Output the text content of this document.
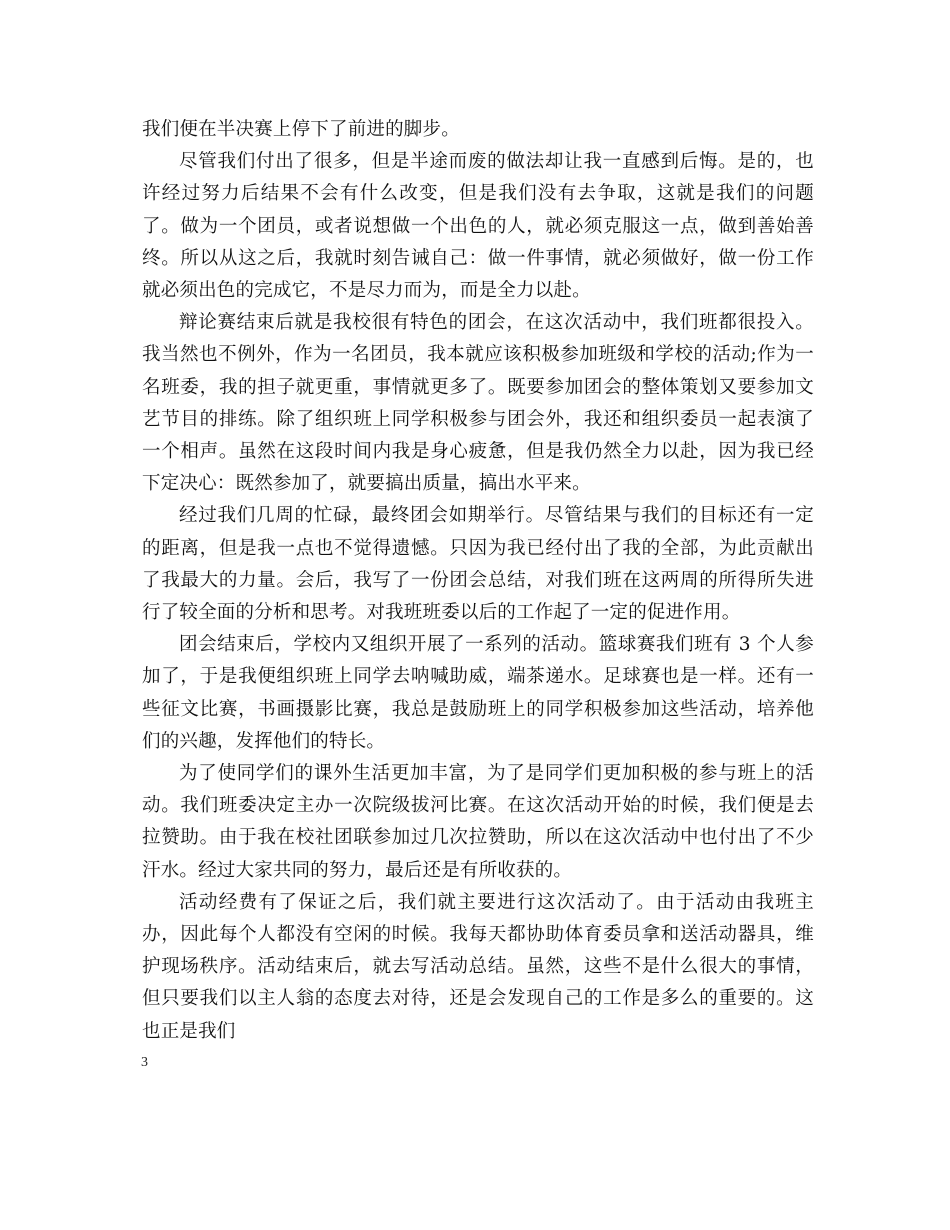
我们便在半决赛上停下了前进的脚步。

尽管我们付出了很多，但是半途而废的做法却让我一直感到后悔。是的，也许经过努力后结果不会有什么改变，但是我们没有去争取，这就是我们的问题了。做为一个团员，或者说想做一个出色的人，就必须克服这一点，做到善始善终。所以从这之后，我就时刻告诫自己：做一件事情，就必须做好，做一份工作就必须出色的完成它，不是尽力而为，而是全力以赴。

辩论赛结束后就是我校很有特色的团会，在这次活动中，我们班都很投入。我当然也不例外，作为一名团员，我本就应该积极参加班级和学校的活动;作为一名班委，我的担子就更重，事情就更多了。既要参加团会的整体策划又要参加文艺节目的排练。除了组织班上同学积极参与团会外，我还和组织委员一起表演了一个相声。虽然在这段时间内我是身心疲惫，但是我仍然全力以赴，因为我已经下定决心：既然参加了，就要搞出质量，搞出水平来。

经过我们几周的忙碌，最终团会如期举行。尽管结果与我们的目标还有一定的距离，但是我一点也不觉得遗憾。只因为我已经付出了我的全部，为此贡献出了我最大的力量。会后，我写了一份团会总结，对我们班在这两周的所得所失进行了较全面的分析和思考。对我班班委以后的工作起了一定的促进作用。

团会结束后，学校内又组织开展了一系列的活动。篮球赛我们班有 3 个人参加了，于是我便组织班上同学去呐喊助威，端茶递水。足球赛也是一样。还有一些征文比赛，书画摄影比赛，我总是鼓励班上的同学积极参加这些活动，培养他们的兴趣，发挥他们的特长。

为了使同学们的课外生活更加丰富，为了是同学们更加积极的参与班上的活动。我们班委决定主办一次院级拔河比赛。在这次活动开始的时候，我们便是去拉赞助。由于我在校社团联参加过几次拉赞助，所以在这次活动中也付出了不少汗水。经过大家共同的努力，最后还是有所收获的。

活动经费有了保证之后，我们就主要进行这次活动了。由于活动由我班主办，因此每个人都没有空闲的时候。我每天都协助体育委员拿和送活动器具，维护现场秩序。活动结束后，就去写活动总结。虽然，这些不是什么很大的事情，但只要我们以主人翁的态度去对待，还是会发现自己的工作是多么的重要的。这也正是我们

3
